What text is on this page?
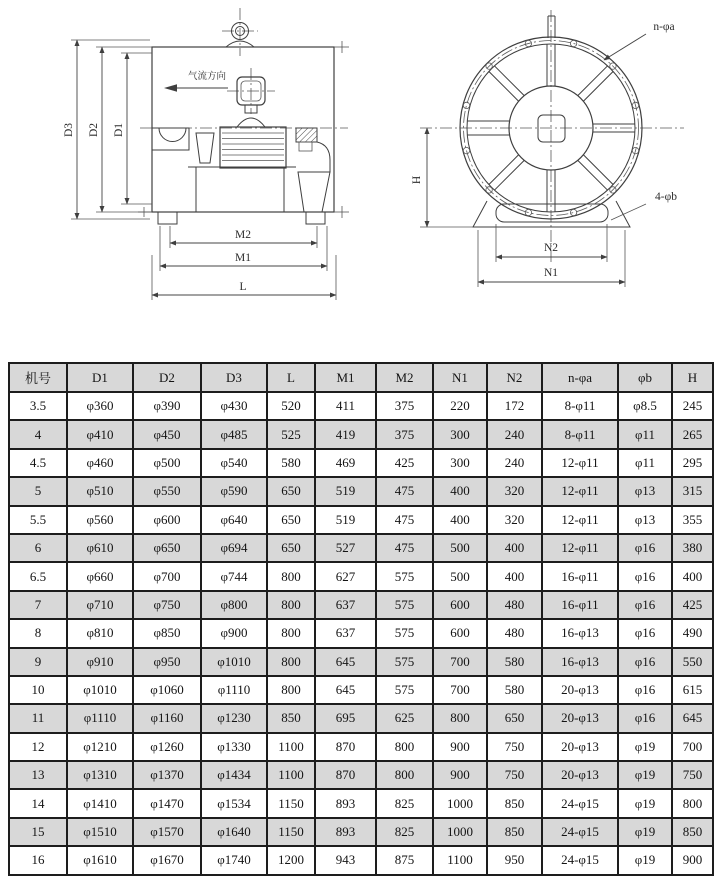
气流方向
D3 D2 D1
M2
M1
L
H
N2
N1
n-φa
4-φb
机号	D1	D2	D3	L	M1	M2	N1	N2	n-φa	φb	H
3.5	φ360	φ390	φ430	520	411	375	220	172	8-φ11	φ8.5	245
4	φ410	φ450	φ485	525	419	375	300	240	8-φ11	φ11	265
4.5	φ460	φ500	φ540	580	469	425	300	240	12-φ11	φ11	295
5	φ510	φ550	φ590	650	519	475	400	320	12-φ11	φ13	315
5.5	φ560	φ600	φ640	650	519	475	400	320	12-φ11	φ13	355
6	φ610	φ650	φ694	650	527	475	500	400	12-φ11	φ16	380
6.5	φ660	φ700	φ744	800	627	575	500	400	16-φ11	φ16	400
7	φ710	φ750	φ800	800	637	575	600	480	16-φ11	φ16	425
8	φ810	φ850	φ900	800	637	575	600	480	16-φ13	φ16	490
9	φ910	φ950	φ1010	800	645	575	700	580	16-φ13	φ16	550
10	φ1010	φ1060	φ1110	800	645	575	700	580	20-φ13	φ16	615
11	φ1110	φ1160	φ1230	850	695	625	800	650	20-φ13	φ16	645
12	φ1210	φ1260	φ1330	1100	870	800	900	750	20-φ13	φ19	700
13	φ1310	φ1370	φ1434	1100	870	800	900	750	20-φ13	φ19	750
14	φ1410	φ1470	φ1534	1150	893	825	1000	850	24-φ15	φ19	800
15	φ1510	φ1570	φ1640	1150	893	825	1000	850	24-φ15	φ19	850
16	φ1610	φ1670	φ1740	1200	943	875	1100	950	24-φ15	φ19	900
